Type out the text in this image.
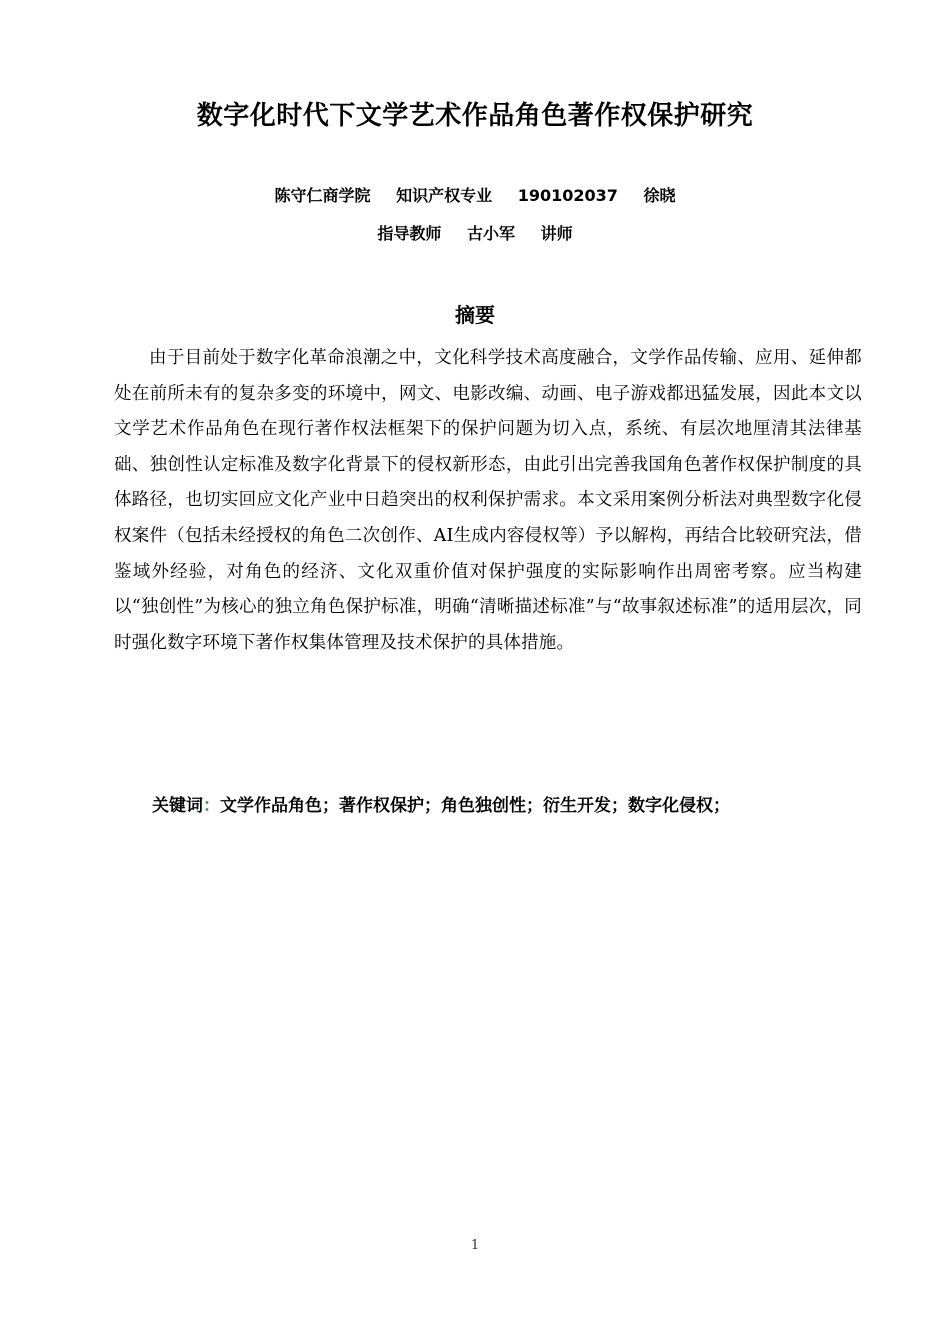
数字化时代下文学艺术作品角色著作权保护研究
陈守仁商学院 知识产权专业 190102037 徐晓
指导教师 古小军 讲师
摘要

由于目前处于数字化革命浪潮之中，文化科学技术高度融合，文学作品传输、应用、延伸都处在前所未有的复杂多变的环境中，网文、电影改编、动画、电子游戏都迅猛发展，因此本文以文学艺术作品角色在现行著作权法框架下的保护问题为切入点，系统、有层次地厘清其法律基础、独创性认定标准及数字化背景下的侵权新形态，由此引出完善我国角色著作权保护制度的具体路径，也切实回应文化产业中日趋突出的权利保护需求。本文采用案例分析法对典型数字化侵权案件（包括未经授权的角色二次创作、AI生成内容侵权等）予以解构，再结合比较研究法，借鉴域外经验，对角色的经济、文化双重价值对保护强度的实际影响作出周密考察。应当构建以“独创性”为核心的独立角色保护标准，明确“清晰描述标准”与“故事叙述标准”的适用层次，同时强化数字环境下著作权集体管理及技术保护的具体措施。

关键词：文学作品角色；著作权保护；角色独创性；衍生开发；数字化侵权；
1
